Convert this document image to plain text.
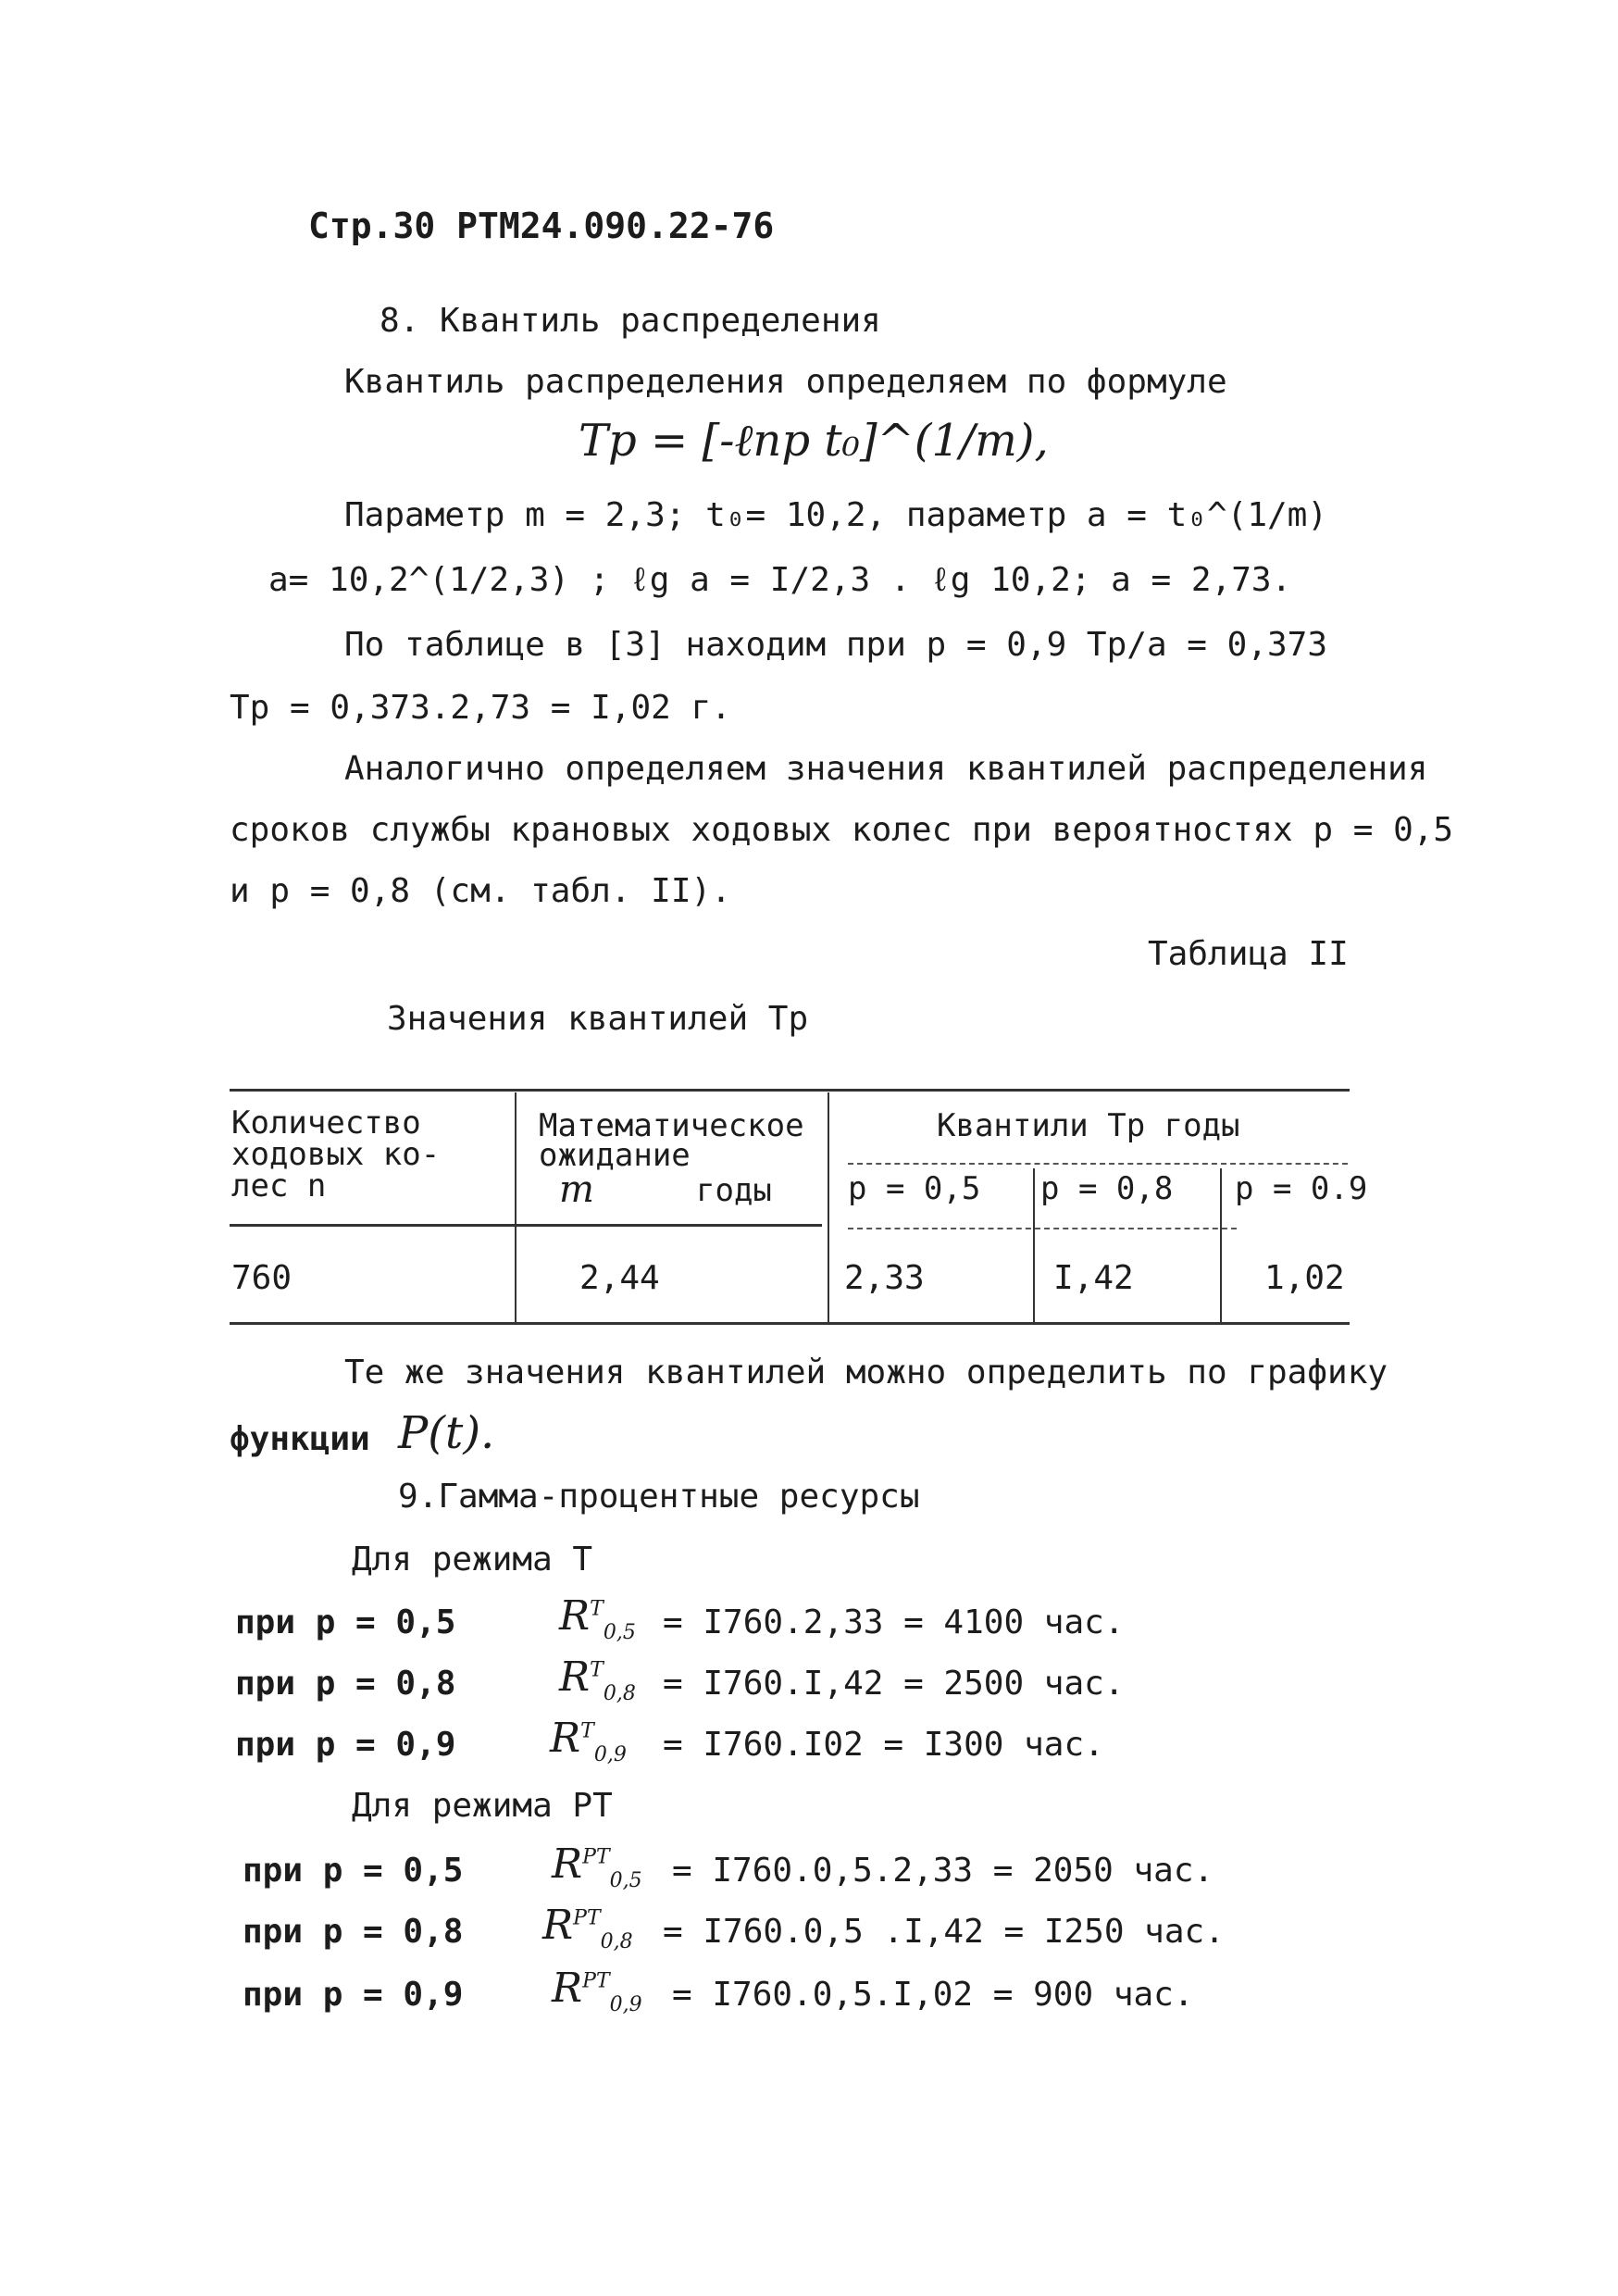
Стр.30 РТМ24.090.22-76
8. Квантиль распределения
Квантиль распределения определяем по формуле
Tp = [-ℓnp t₀]^(1/m),
Параметр m = 2,3; t₀= 10,2, параметр a = t₀^(1/m)
a= 10,2^(1/2,3) ; ℓg a = I/2,3 . ℓg 10,2; a = 2,73.
По таблице в [3] находим при p = 0,9 Tp/a = 0,373
Tp = 0,373.2,73 = I,02 г.
Аналогично определяем значения квантилей распределения
сроков службы крановых ходовых колес при вероятностях p = 0,5
и p = 0,8 (см. табл. II).
Таблица II
Значения квантилей Tp
Количество ходовых ко- лес n
Математическое
ожидание
m	годы
Квантили Tp годы
p = 0,5 p = 0,8 p = 0.9
760	2,44	2,33	I,42	1,02
Те же значения квантилей можно определить по графику
функции P(t).
9.Гамма-процентные ресурсы
Для режима Т
при p = 0,5	$R^T_{0,5} = I760.2,33 = 4100$ час.
при p = 0,8	$R^T_{0,8} = I760.I,42 = 2500$ час.
при p = 0,9 $R^T_{0,9} = I760.I02 = I300$ час.
Для режима РТ
при p = 0,5 $R^{PT}_{0,5} = I760.0,5.2,33 = 2050$ час.
при p = 0,8 $R^{PT}_{0,8} = I760.0,5$ .I,42 = I250 час.
при p = 0,9 $R^{PT}_{0,9} = I760.0,5.I,02 = 900$ час.
